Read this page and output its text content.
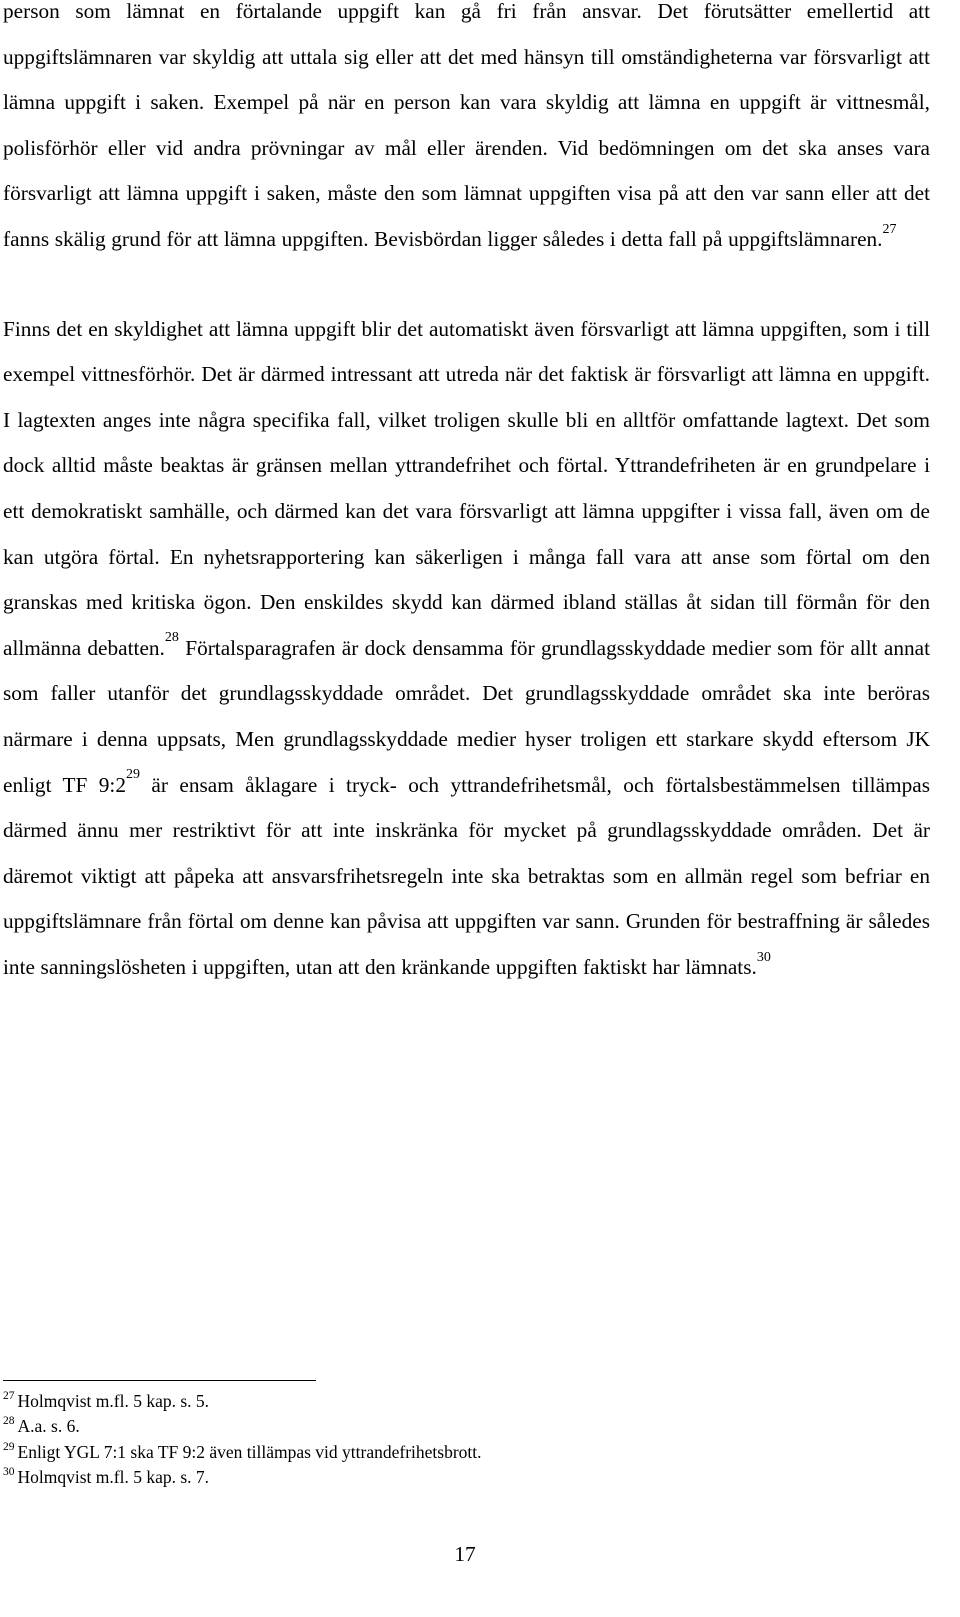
person som lämnat en förtalande uppgift kan gå fri från ansvar. Det förutsätter emellertid att uppgiftslämnaren var skyldig att uttala sig eller att det med hänsyn till omständigheterna var försvarligt att lämna uppgift i saken. Exempel på när en person kan vara skyldig att lämna en uppgift är vittnesmål, polisförhör eller vid andra prövningar av mål eller ärenden. Vid bedömningen om det ska anses vara försvarligt att lämna uppgift i saken, måste den som lämnat uppgiften visa på att den var sann eller att det fanns skälig grund för att lämna uppgiften. Bevisbördan ligger således i detta fall på uppgiftslämnaren.$^{27}$

Finns det en skyldighet att lämna uppgift blir det automatiskt även försvarligt att lämna uppgiften, som i till exempel vittnesförhör. Det är därmed intressant att utreda när det faktisk är försvarligt att lämna en uppgift. I lagtexten anges inte några specifika fall, vilket troligen skulle bli en alltför omfattande lagtext. Det som dock alltid måste beaktas är gränsen mellan yttrandefrihet och förtal. Yttrandefriheten är en grundpelare i ett demokratiskt samhälle, och därmed kan det vara försvarligt att lämna uppgifter i vissa fall, även om de kan utgöra förtal. En nyhetsrapportering kan säkerligen i många fall vara att anse som förtal om den granskas med kritiska ögon. Den enskildes skydd kan därmed ibland ställas åt sidan till förmån för den allmänna debatten.$^{28}$ Förtalsparagrafen är dock densamma för grundlagsskyddade medier som för allt annat som faller utanför det grundlagsskyddade området. Det grundlagsskyddade området ska inte beröras närmare i denna uppsats, Men grundlagsskyddade medier hyser troligen ett starkare skydd eftersom JK enligt TF 9:2$^{29}$ är ensam åklagare i tryck- och yttrandefrihetsmål, och förtalsbestämmelsen tillämpas därmed ännu mer restriktivt för att inte inskränka för mycket på grundlagsskyddade områden. Det är däremot viktigt att påpeka att ansvarsfrihetsregeln inte ska betraktas som en allmän regel som befriar en uppgiftslämnare från förtal om denne kan påvisa att uppgiften var sann. Grunden för bestraffning är således inte sanningslösheten i uppgiften, utan att den kränkande uppgiften faktiskt har lämnats.$^{30}$

$^{27}$ Holmqvist m.fl. 5 kap. s. 5.

$^{28}$ A.a. s. 6.

$^{29}$ Enligt YGL 7:1 ska TF 9:2 även tillämpas vid yttrandefrihetsbrott.

$^{30}$ Holmqvist m.fl. 5 kap. s. 7.

17
